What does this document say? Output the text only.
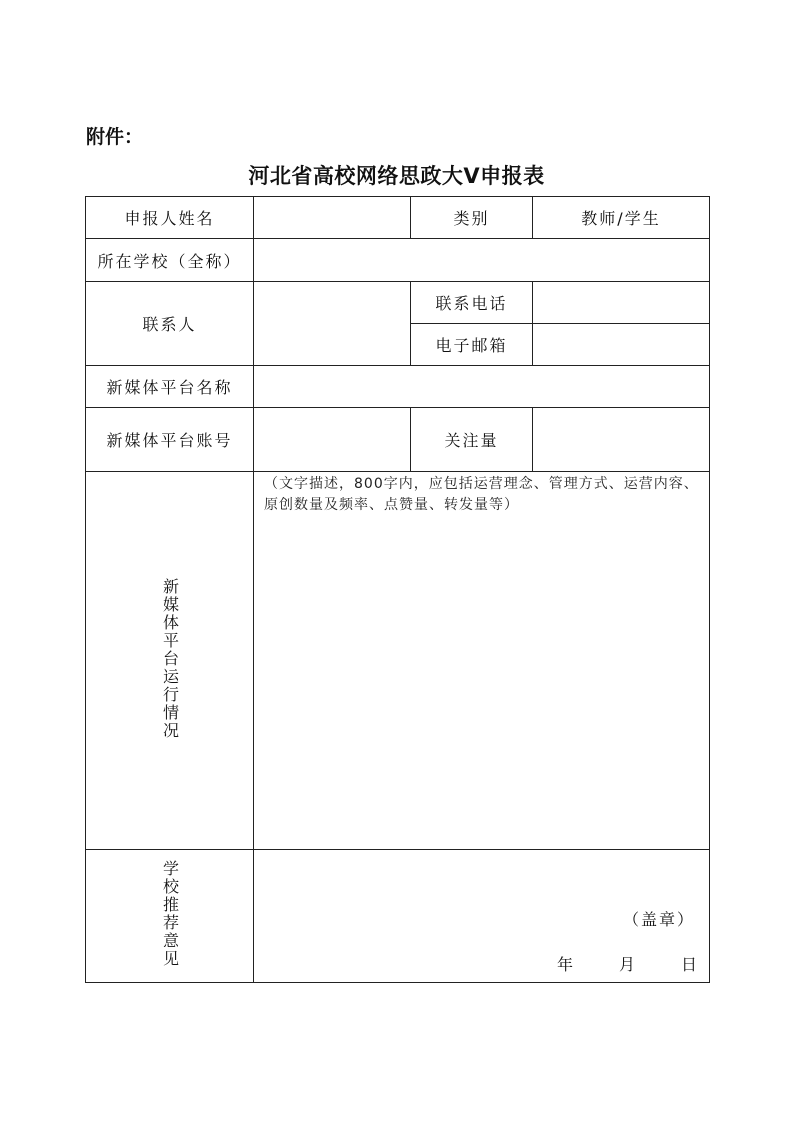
附件：
河北省高校网络思政大Ⅴ申报表
申报人姓名		类别	教师/学生
所在学校（全称）			
联系人		联系电话	
		电子邮箱	
新媒体平台名称			
新媒体平台账号		关注量	
新媒体平台运行情况	（文字描述，800字内，应包括运营理念、管理方式、运营内容、原创数量及频率、点赞量、转发量等）		

学校推荐意见	（盖章）
年 月 日		
